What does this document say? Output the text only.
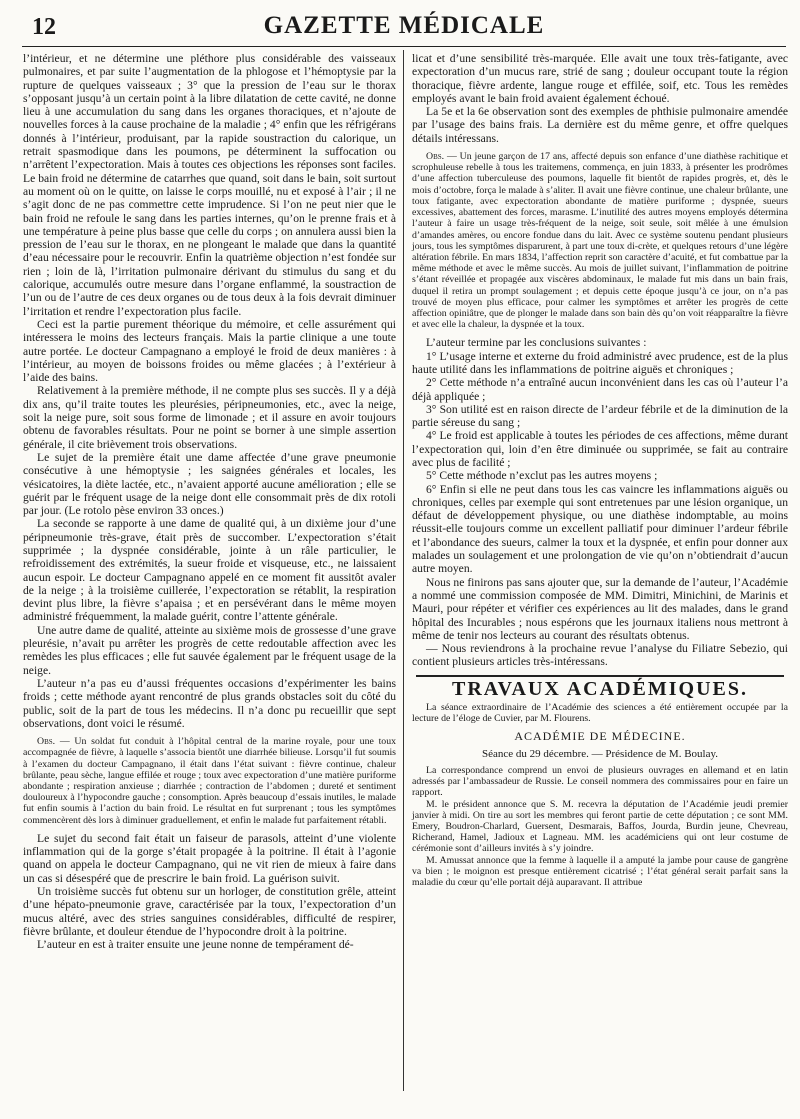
12	GAZETTE MÉDICALE

l’intérieur, et ne détermine une pléthore plus considérable des vaisseaux pulmonaires, et par suite l’augmentation de la phlogose et l’hémoptysie par la rupture de quelques vaisseaux ; 3° que la pression de l’eau sur le thorax s’opposant jusqu’à un certain point à la libre dilatation de cette cavité, ne donne lieu à une accumulation du sang dans les organes thoraciques, et n’ajoute de nouvelles forces à la cause prochaine de la maladie ; 4° enfin que les réfrigérans donnés à l’intérieur, produisant, par la rapide soustraction du calorique, un retrait spasmodique dans les poumons, pe déterminent la suffocation ou n’arrêtent l’expectoration. Mais à toutes ces objections les réponses sont faciles. Le bain froid ne détermine de catarrhes que quand, soit dans le bain, soit surtout au moment où on le quitte, on laisse le corps mouillé, nu et exposé à l’air ; il ne s’agit donc de ne pas commettre cette imprudence. Si l’on ne peut nier que le bain froid ne refoule le sang dans les parties internes, qu’on le prenne frais et à une température à peine plus basse que celle du corps ; on annulera aussi bien la pression de l’eau sur le thorax, en ne plongeant le malade que dans la quantité d’eau nécessaire pour le recouvrir. Enfin la quatrième objection n’est fondée sur rien ; loin de là, l’irritation pulmonaire dérivant du stimulus du sang et du calorique, accumulés outre mesure dans l’organe enflammé, la soustraction de l’un ou de l’autre de ces deux organes ou de tous deux à la fois devrait diminuer l’irritation et rendre l’expectoration plus facile.

Ceci est la partie purement théorique du mémoire, et celle assurément qui intéressera le moins des lecteurs français. Mais la partie clinique a une toute autre portée. Le docteur Campagnano a employé le froid de deux manières : à l’intérieur, au moyen de boissons froides ou même glacées ; à l’extérieur à l’aide des bains.

Relativement à la première méthode, il ne compte plus ses succès. Il y a déjà dix ans, qu’il traite toutes les pleurésies, péripneumonies, etc., avec la neige, soit la neige pure, soit sous forme de limonade ; et il assure en avoir toujours obtenu de favorables résultats. Pour ne point se borner à une simple assertion générale, il cite brièvement trois observations.

Le sujet de la première était une dame affectée d’une grave pneumonie consécutive à une hémoptysie ; les saignées générales et locales, les vésicatoires, la diète lactée, etc., n’avaient apporté aucune amélioration ; elle se guérit par le fréquent usage de la neige dont elle consommait près de dix rotoli par jour. (Le rotolo pèse environ 33 onces.)

La seconde se rapporte à une dame de qualité qui, à un dixième jour d’une péripneumonie très-grave, était près de succomber. L’expectoration s’était supprimée ; la dyspnée considérable, jointe à un râle particulier, le refroidissement des extrémités, la sueur froide et visqueuse, etc., ne laissaient aucun espoir. Le docteur Campagnano appelé en ce moment fit aussitôt avaler de la neige ; à la troisième cuillerée, l’expectoration se rétablit, la respiration devint plus libre, la fièvre s’apaisa ; et en persévérant dans le même moyen administré fréquemment, la malade guérit, contre l’attente générale.

Une autre dame de qualité, atteinte au sixième mois de grossesse d’une grave pleurésie, n’avait pu arrêter les progrès de cette redoutable affection avec les remèdes les plus efficaces ; elle fut sauvée également par le fréquent usage de la neige.

L’auteur n’a pas eu d’aussi fréquentes occasions d’expérimenter les bains froids ; cette méthode ayant rencontré de plus grands obstacles soit du côté du public, soit de la part de tous les médecins. Il n’a donc pu recueillir que sept observations, dont voici le résumé.

Obs. — Un soldat fut conduit à l’hôpital central de la marine royale, pour une toux accompagnée de fièvre, à laquelle s’associa bientôt une diarrhée bilieuse. Lorsqu’il fut soumis à l’examen du docteur Campagnano, il était dans l’état suivant : fièvre continue, chaleur brûlante, peau sèche, langue effilée et rouge ; toux avec expectoration d’une matière puriforme abondante ; respiration anxieuse ; diarrhée ; contraction de l’abdomen ; dureté et sentiment douloureux à l’hypocondre gauche ; consomption. Après beaucoup d’essais inutiles, le malade fut enfin soumis à l’action du bain froid. Le résultat en fut surprenant ; tous les symptômes commencèrent dès lors à diminuer graduellement, et enfin le malade fut parfaitement rétabli.

Le sujet du second fait était un faiseur de parasols, atteint d’une violente inflammation qui de la gorge s’était propagée à la poitrine. Il était à l’agonie quand on appela le docteur Campagnano, qui ne vit rien de mieux à faire dans un cas si désespéré que de prescrire le bain froid. La guérison suivit.

Un troisième succès fut obtenu sur un horloger, de constitution grêle, atteint d’une hépato-pneumonie grave, caractérisée par la toux, l’expectoration d’un mucus altéré, avec des stries sanguines considérables, difficulté de respirer, fièvre brûlante, et douleur étendue de l’hypocondre droit à la poitrine.

L’auteur en est à traiter ensuite une jeune nonne de tempérament dé-

licat et d’une sensibilité très-marquée. Elle avait une toux très-fatigante, avec expectoration d’un mucus rare, strié de sang ; douleur occupant toute la région thoracique, fièvre ardente, langue rouge et effilée, soif, etc. Tous les remèdes employés avant le bain froid avaient également échoué.

La 5e et la 6e observation sont des exemples de phthisie pulmonaire amendée par l’usage des bains frais. La dernière est du même genre, et offre quelques détails intéressans.

Obs. — Un jeune garçon de 17 ans, affecté depuis son enfance d’une diathèse rachitique et scrophuleuse rebelle à tous les traitemens, commença, en juin 1833, à présenter les prodrômes d’une affection tuberculeuse des poumons, laquelle fit bientôt de rapides progrès, et, dès le mois d’octobre, força le malade à s’aliter. Il avait une fièvre continue, une chaleur brûlante, une toux fatigante, avec expectoration abondante de matière puriforme ; dyspnée, sueurs excessives, abattement des forces, marasme. L’inutilité des autres moyens employés détermina l’auteur à faire un usage très-fréquent de la neige, soit seule, soit mêlée à une émulsion d’amandes amères, ou encore fondue dans du lait. Avec ce système soutenu pendant plusieurs jours, tous les symptômes disparurent, à part une toux di-crète, et quelques retours d’une légère altération fébrile. En mars 1834, l’affection reprit son caractère d’acuité, et fut combattue par la même méthode et avec le même succès. Au mois de juillet suivant, l’inflammation de poitrine s’étant réveillée et propagée aux viscères abdominaux, le malade fut mis dans un bain frais, duquel il retira un prompt soulagement ; et depuis cette époque jusqu’à ce jour, on n’a pas trouvé de moyen plus efficace, pour calmer les symptômes et arrêter les progrès de cette affection opiniâtre, que de plonger le malade dans son bain dès qu’on voit réapparaître la fièvre et avec elle la chaleur, la dyspnée et la toux.

L’auteur termine par les conclusions suivantes :

1° L’usage interne et externe du froid administré avec prudence, est de la plus haute utilité dans les inflammations de poitrine aiguës et chroniques ;

2° Cette méthode n’a entraîné aucun inconvénient dans les cas où l’auteur l’a déjà appliquée ;

3° Son utilité est en raison directe de l’ardeur fébrile et de la diminution de la partie séreuse du sang ;

4° Le froid est applicable à toutes les périodes de ces affections, même durant l’expectoration qui, loin d’en être diminuée ou supprimée, se fait au contraire avec plus de facilité ;

5° Cette méthode n’exclut pas les autres moyens ;

6° Enfin si elle ne peut dans tous les cas vaincre les inflammations aiguës ou chroniques, celles par exemple qui sont entretenues par une lésion organique, un défaut de développement physique, ou une diathèse indomptable, au moins réussit-elle toujours comme un excellent palliatif pour diminuer l’ardeur fébrile et l’abondance des sueurs, calmer la toux et la dyspnée, et enfin pour donner aux malades un soulagement et une prolongation de vie qu’on n’obtiendrait d’aucun autre moyen.

Nous ne finirons pas sans ajouter que, sur la demande de l’auteur, l’Académie a nommé une commission composée de MM. Dimitri, Minichini, de Marinis et Mauri, pour répéter et vérifier ces expériences au lit des malades, dans le grand hôpital des Incurables ; nous espérons que les journaux italiens nous mettront à même de tenir nos lecteurs au courant des résultats obtenus.

— Nous reviendrons à la prochaine revue l’analyse du Filiatre Sebezio, qui contient plusieurs articles très-intéressans.

TRAVAUX ACADÉMIQUES.

La séance extraordinaire de l’Académie des sciences a été entièrement occupée par la lecture de l’éloge de Cuvier, par M. Flourens.

ACADÉMIE DE MÉDECINE.
Séance du 29 décembre. — Présidence de M. Boulay.

La correspondance comprend un envoi de plusieurs ouvrages en allemand et en latin adressés par l’ambassadeur de Russie. Le conseil nommera des commissaires pour en faire un rapport.

M. le président annonce que S. M. recevra la députation de l’Académie jeudi premier janvier à midi. On tire au sort les membres qui feront partie de cette députation ; ce sont MM. Emery, Boudron-Charlard, Guersent, Desmarais, Baffos, Jourda, Burdin jeune, Chevreau, Richerand, Hamel, Jadioux et Lagneau. MM. les académiciens qui ont leur costume de cérémonie sont d’ailleurs invités à s’y joindre.

M. Amussat annonce que la femme à laquelle il a amputé la jambe pour cause de gangrène va bien ; le moignon est presque entièrement cicatrisé ; l’état général serait parfait sans la maladie du cœur qu’elle portait déjà auparavant. Il attribue
